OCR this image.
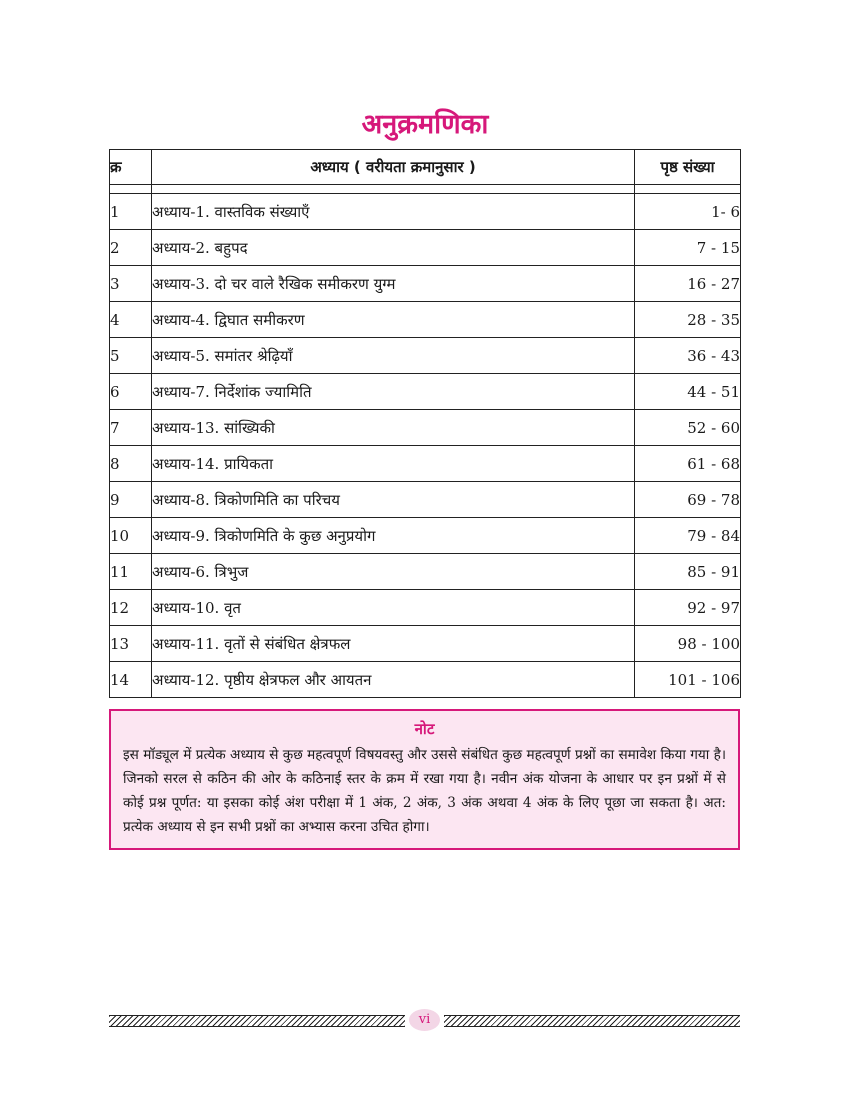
अनुक्रमणिका
क्र	अध्याय ( वरीयता क्रमानुसार )	पृष्ठ संख्या

1	अध्याय-1. वास्तविक संख्याएँ	1- 6
2	अध्याय-2. बहुपद	7 - 15
3	अध्याय-3. दो चर वाले रैखिक समीकरण युग्म	16 - 27
4	अध्याय-4. द्विघात समीकरण	28 - 35
5	अध्याय-5. समांतर श्रेढ़ियाँ	36 - 43
6	अध्याय-7. निर्देशांक ज्यामिति	44 - 51
7	अध्याय-13. सांख्यिकी	52 - 60
8	अध्याय-14. प्रायिकता	61 - 68
9	अध्याय-8. त्रिकोणमिति का परिचय	69 - 78
10	अध्याय-9. त्रिकोणमिति के कुछ अनुप्रयोग	79 - 84
11	अध्याय-6. त्रिभुज	85 - 91
12	अध्याय-10. वृत	92 - 97
13	अध्याय-11. वृतों से संबंधित क्षेत्रफल	98 - 100
14	अध्याय-12. पृष्ठीय क्षेत्रफल और आयतन	101 - 106
नोट
इस मॉड्यूल में प्रत्येक अध्याय से कुछ महत्वपूर्ण विषयवस्तु और उससे संबंधित कुछ महत्वपूर्ण प्रश्नों का समावेश किया गया है। जिनको सरल से कठिन की ओर के कठिनाई स्तर के क्रम में रखा गया है। नवीन अंक योजना के आधार पर इन प्रश्नों में से कोई प्रश्न पूर्णत: या इसका कोई अंश परीक्षा में 1 अंक, 2 अंक, 3 अंक अथवा 4 अंक के लिए पूछा जा सकता है। अत: प्रत्येक अध्याय से इन सभी प्रश्नों का अभ्यास करना उचित होगा।
vi
